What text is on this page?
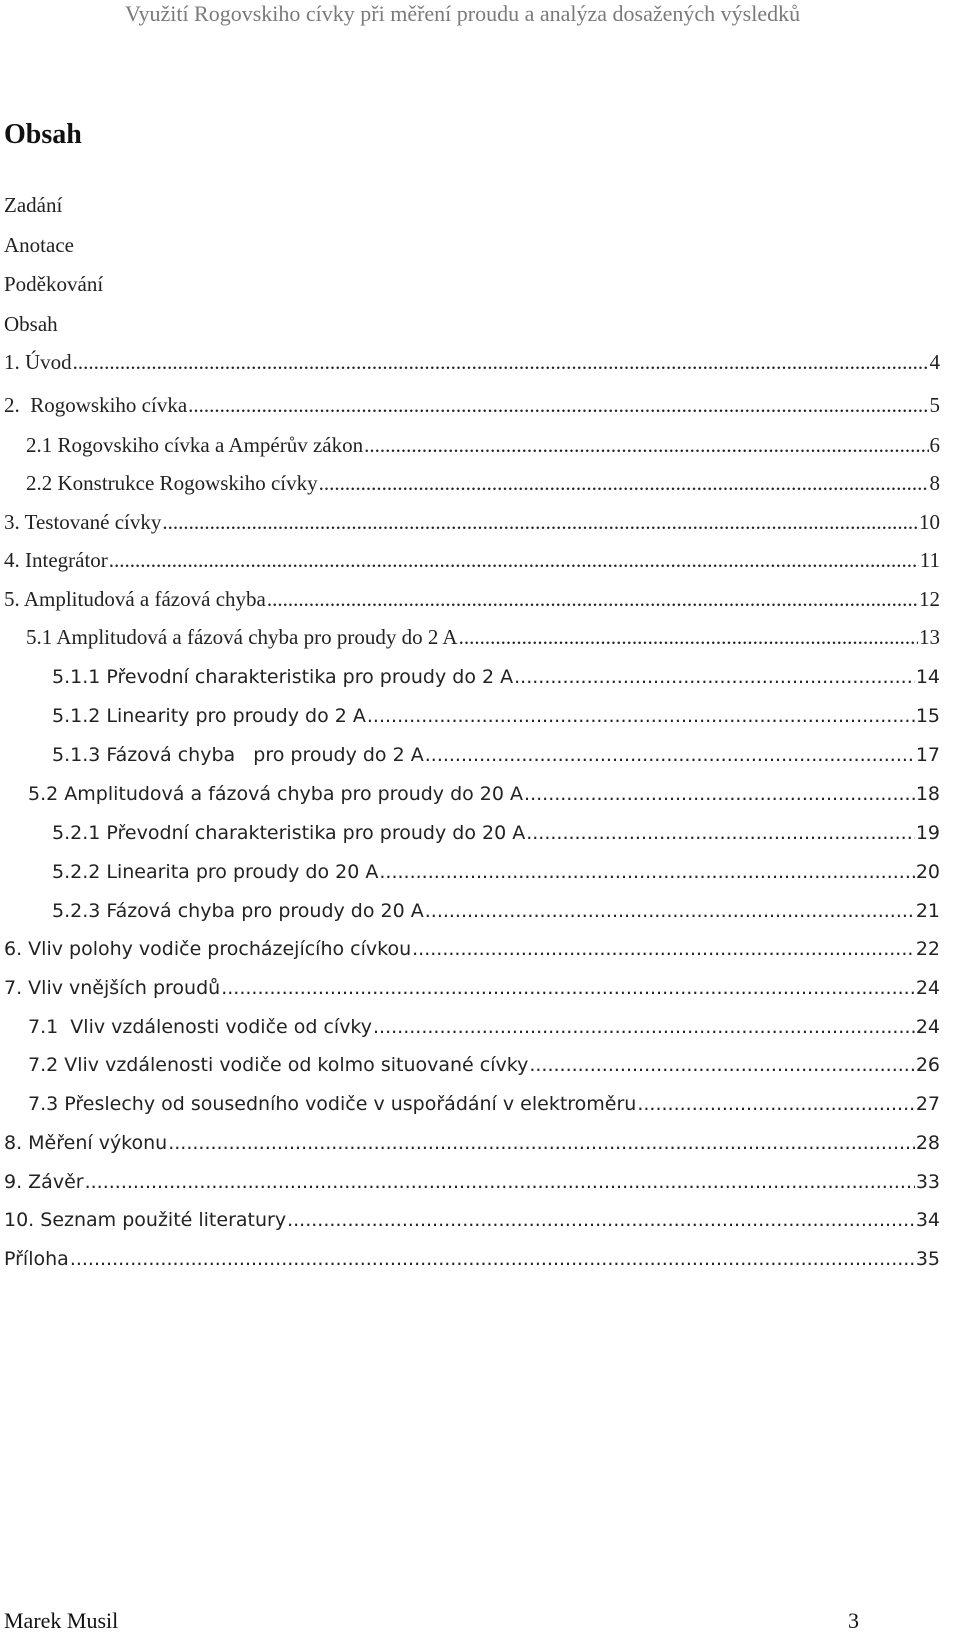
Využití Rogovskiho cívky při měření proudu a analýza dosažených výsledků
Obsah
Zadání
Anotace
Poděkování
Obsah
1. Úvod .....	4
2.  Rogowskiho cívka .....	5
2.1 Rogovskiho cívka a Ampérův zákon .....	6
2.2 Konstrukce Rogowskiho cívky .....	8
3. Testované cívky .....	10
4. Integrátor .....	11
5. Amplitudová a fázová chyba .....	12
5.1 Amplitudová a fázová chyba pro proudy do 2 A .....	13
5.1.1 Převodní charakteristika pro proudy do 2 A .....	14
5.1.2 Linearity pro proudy do 2 A .....	15
5.1.3 Fázová chyba   pro proudy do 2 A .....	17
5.2 Amplitudová a fázová chyba pro proudy do 20 A .....	18
5.2.1 Převodní charakteristika pro proudy do 20 A .....	19
5.2.2 Linearita pro proudy do 20 A .....	20
5.2.3 Fázová chyba pro proudy do 20 A .....	21
6. Vliv polohy vodiče procházejícího cívkou .....	22
7. Vliv vnějších proudů .....	24
7.1  Vliv vzdálenosti vodiče od cívky .....	24
7.2 Vliv vzdálenosti vodiče od kolmo situované cívky .....	26
7.3 Přeslechy od sousedního vodiče v uspořádání v elektroměru .....	27
8. Měření výkonu .....	28
9. Závěr .....	33
10. Seznam použité literatury .....	34
Příloha .....	35
Marek Musil	3
